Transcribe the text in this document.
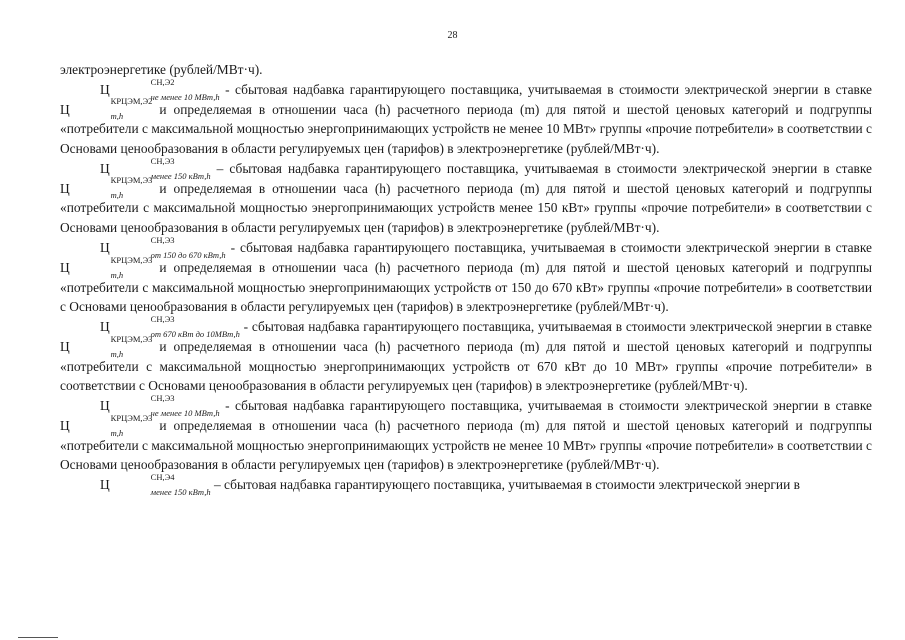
28

электроэнергетике (рублей/МВт·ч).

Ц
СН,Э2
не менее 10 МВт,h - сбытовая надбавка гарантирующего поставщика, учитываемая в стоимости электрической энергии в ставке Ц
КРЦЭМ,Э2
m,h	и определяемая в отношении часа (h) расчетного периода (m) для пятой и шестой ценовых категорий и подгруппы «потребители с максимальной мощностью энергопринимающих устройств не менее 10 МВт» группы «прочие потребители» в соответствии с Основами ценообразования в области регулируемых цен (тарифов) в электроэнергетике (рублей/МВт·ч).

Ц
СН,Э3
менее 150 кВт,h – сбытовая надбавка гарантирующего поставщика, учитываемая в стоимости электрической энергии в ставке Ц
КРЦЭМ,Э3
m,h	и определяемая в отношении часа (h) расчетного периода (m) для пятой и шестой ценовых категорий и подгруппы «потребители с максимальной мощностью энергопринимающих устройств менее 150 кВт» группы «прочие потребители» в соответствии с Основами ценообразования в области регулируемых цен (тарифов) в электроэнергетике (рублей/МВт·ч).

Ц
СН,Э3
от 150 до 670 кВт,h - сбытовая надбавка гарантирующего поставщика, учитываемая в стоимости электрической энергии в ставке Ц
КРЦЭМ,Э3
m,h	и определяемая в отношении часа (h) расчетного периода (m) для пятой и шестой ценовых категорий и подгруппы «потребители с максимальной мощностью энергопринимающих устройств от 150 до 670 кВт» группы «прочие потребители» в соответствии с Основами ценообразования в области регулируемых цен (тарифов) в электроэнергетике (рублей/МВт·ч).

Ц
СН,Э3
от 670 кВт до 10МВт,h - сбытовая надбавка гарантирующего поставщика, учитываемая в стоимости электрической энергии в ставке Ц
КРЦЭМ,Э3
m,h	и определяемая в отношении часа (h) расчетного периода (m) для пятой и шестой ценовых категорий и подгруппы «потребители с максимальной мощностью энергопринимающих устройств от 670 кВт до 10 МВт» группы «прочие потребители» в соответствии с Основами ценообразования в области регулируемых цен (тарифов) в электроэнергетике (рублей/МВт·ч).

Ц
СН,Э3
не менее 10 МВт,h - сбытовая надбавка гарантирующего поставщика, учитываемая в стоимости электрической энергии в ставке Ц
КРЦЭМ,Э3
m,h	и определяемая в отношении часа (h) расчетного периода (m) для пятой и шестой ценовых категорий и подгруппы «потребители с максимальной мощностью энергопринимающих устройств не менее 10 МВт» группы «прочие потребители» в соответствии с Основами ценообразования в области регулируемых цен (тарифов) в электроэнергетике (рублей/МВт·ч).

Ц
СН,Э4
менее 150 кВт,h – сбытовая надбавка гарантирующего поставщика, учитываемая в стоимости электрической энергии в
